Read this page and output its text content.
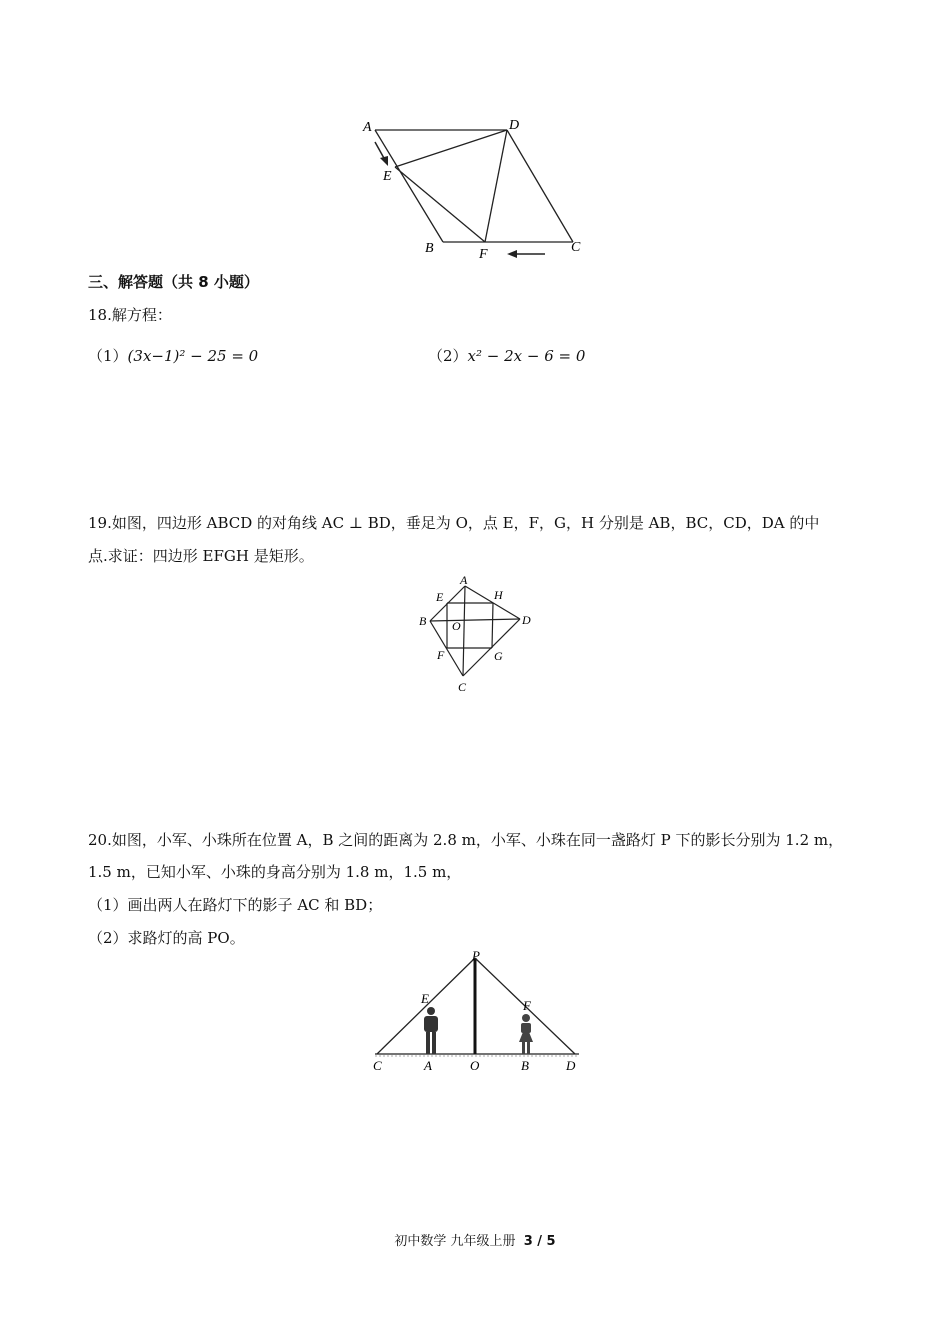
A	D
E
B	F	C
三、解答题（共 8 小题）
18.解方程：
（1）(3x−1)² − 25 = 0	（2）x² − 2x − 6 = 0
19.如图，四边形 ABCD 的对角线 AC ⊥ BD，垂足为 O，点 E，F，G，H 分别是 AB，BC，CD，DA 的中
点.求证：四边形 EFGH 是矩形。
A
H
E
B O	D
F	G
C
20.如图，小军、小珠所在位置 A，B 之间的距离为 2.8 m，小军、小珠在同一盏路灯 P 下的影长分别为 1.2 m，
1.5 m，已知小军、小珠的身高分别为 1.8 m，1.5 m，
（1）画出两人在路灯下的影子 AC 和 BD；
（2）求路灯的高 PO。
P
E	F
C	A	O	B	D
初中数学 九年级上册 3 / 5
